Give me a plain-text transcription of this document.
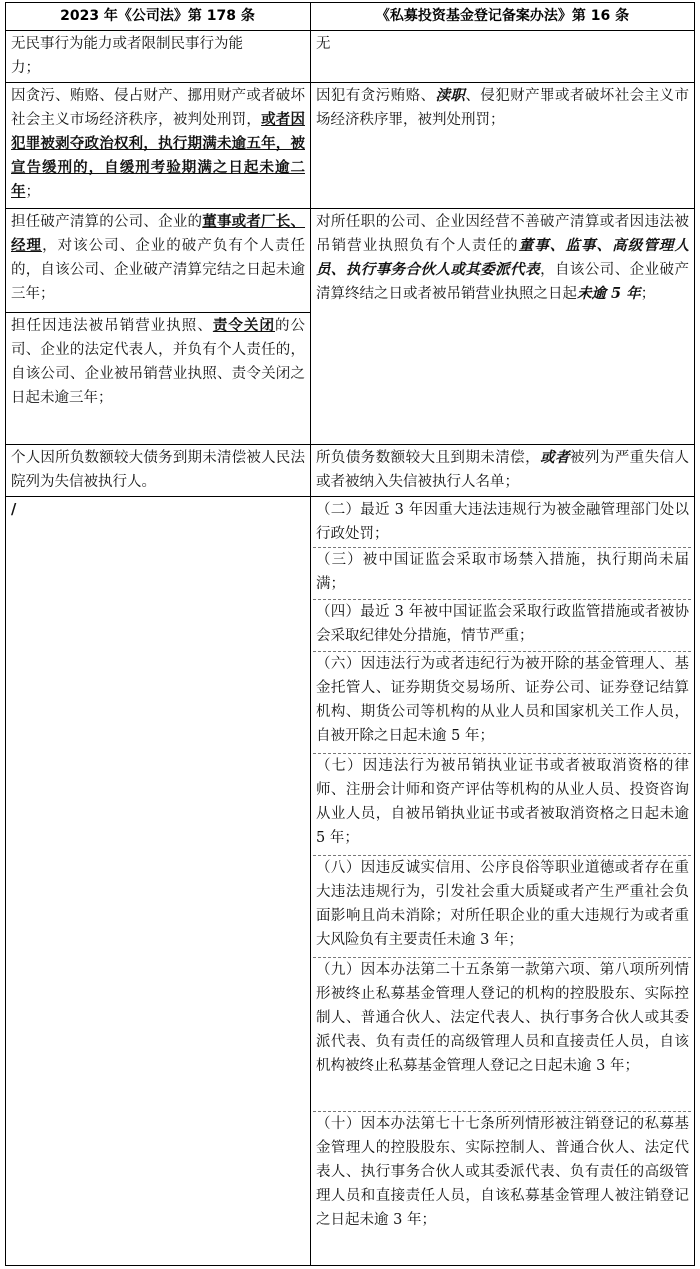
2023 年《公司法》第 178 条	《私募投资基金登记备案办法》第 16 条

无民事行为能力或者限制民事行为能

力；

无

因贪污、贿赂、侵占财产、挪用财产或者破坏社会主义市场经济秩序，被判处刑罚，或者因犯罪被剥夺政治权利，执行期满未逾五年，被宣告缓刑的，自缓刑考验期满之日起未逾二年；
因犯有贪污贿赂、渎职、侵犯财产罪或者破坏社会主义市场经济秩序罪，被判处刑罚；
担任破产清算的公司、企业的董事或者厂长、经理，对该公司、企业的破产负有个人责任的，自该公司、企业破产清算完结之日起未逾三年；
担任因违法被吊销营业执照、责令关闭的公司、企业的法定代表人，并负有个人责任的，自该公司、企业被吊销营业执照、责令关闭之日起未逾三年；
对所任职的公司、企业因经营不善破产清算或者因违法被吊销营业执照负有个人责任的董事、监事、高级管理人员、执行事务合伙人或其委派代表，自该公司、企业破产清算终结之日或者被吊销营业执照之日起未逾 5 年；
个人因所负数额较大债务到期未清偿被人民法院列为失信被执行人。
所负债务数额较大且到期未清偿，或者被列为严重失信人或者被纳入失信被执行人名单；
/	（二）最近 3 年因重大违法违规行为被金融管理部门处以行政处罚；
（三）被中国证监会采取市场禁入措施，执行期尚未届满；
（四）最近 3 年被中国证监会采取行政监管措施或者被协会采取纪律处分措施，情节严重；
（六）因违法行为或者违纪行为被开除的基金管理人、基金托管人、证券期货交易场所、证券公司、证券登记结算机构、期货公司等机构的从业人员和国家机关工作人员，自被开除之日起未逾 5 年；
（七）因违法行为被吊销执业证书或者被取消资格的律师、注册会计师和资产评估等机构的从业人员、投资咨询从业人员，自被吊销执业证书或者被取消资格之日起未逾 5 年；
（八）因违反诚实信用、公序良俗等职业道德或者存在重大违法违规行为，引发社会重大质疑或者产生严重社会负面影响且尚未消除；对所任职企业的重大违规行为或者重大风险负有主要责任未逾 3 年；
（九）因本办法第二十五条第一款第六项、第八项所列情形被终止私募基金管理人登记的机构的控股股东、实际控制人、普通合伙人、法定代表人、执行事务合伙人或其委派代表、负有责任的高级管理人员和直接责任人员，自该机构被终止私募基金管理人登记之日起未逾 3 年；
（十）因本办法第七十七条所列情形被注销登记的私募基金管理人的控股股东、实际控制人、普通合伙人、法定代表人、执行事务合伙人或其委派代表、负有责任的高级管理人员和直接责任人员，自该私募基金管理人被注销登记之日起未逾 3 年；
